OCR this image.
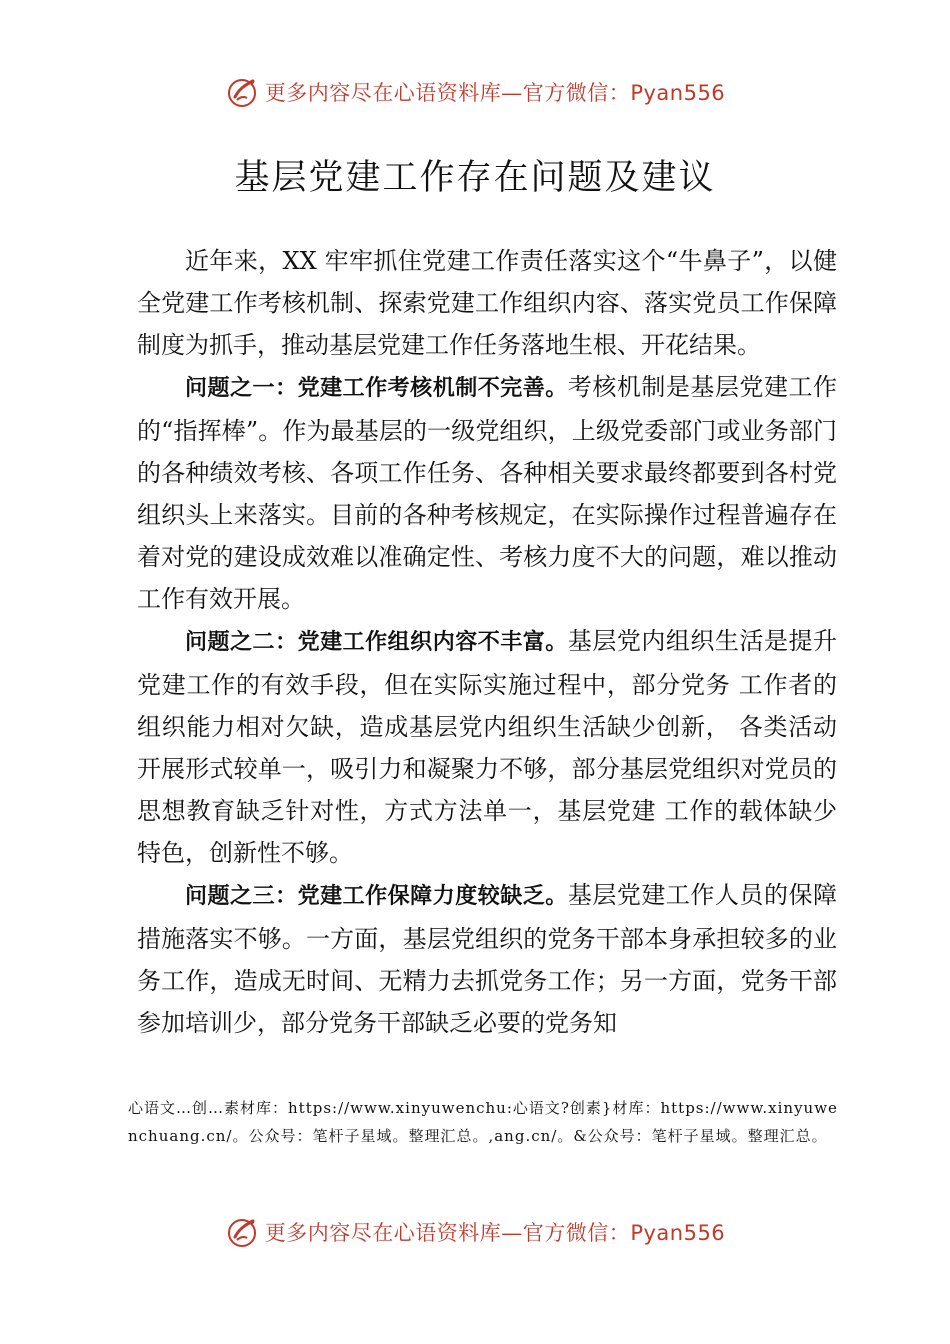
更多内容尽在心语资料库—官方微信：Pyan556
基层党建工作存在问题及建议

近年来，XX 牢牢抓住党建工作责任落实这个“牛鼻子”，以健全党建工作考核机制、探索党建工作组织内容、落实党员工作保障制度为抓手，推动基层党建工作任务落地生根、开花结果。

问题之一：党建工作考核机制不完善。考核机制是基层党建工作的“指挥棒”。作为最基层的一级党组织，上级党委部门或业务部门的各种绩效考核、各项工作任务、各种相关要求最终都要到各村党组织头上来落实。目前的各种考核规定，在实际操作过程普遍存在着对党的建设成效难以准确定性、考核力度不大的问题，难以推动工作有效开展。

问题之二：党建工作组织内容不丰富。基层党内组织生活是提升党建工作的有效手段，但在实际实施过程中，部分党务 工作者的组织能力相对欠缺，造成基层党内组织生活缺少创新， 各类活动开展形式较单一，吸引力和凝聚力不够，部分基层党组织对党员的思想教育缺乏针对性，方式方法单一，基层党建 工作的载体缺少特色，创新性不够。

问题之三：党建工作保障力度较缺乏。基层党建工作人员的保障措施落实不够。一方面，基层党组织的党务干部本身承担较多的业务工作，造成无时间、无精力去抓党务工作；另一方面，党务干部参加培训少，部分党务干部缺乏必要的党务知

心语文…创…素材库：https://www.xinyuwenchu:心语文?创素}材库：https://www.xinyuwenchuang.cn/。公众号：笔杆子星域。整理汇总。,ang.cn/。&公众号：笔杆子星域。整理汇总。
更多内容尽在心语资料库—官方微信：Pyan556
